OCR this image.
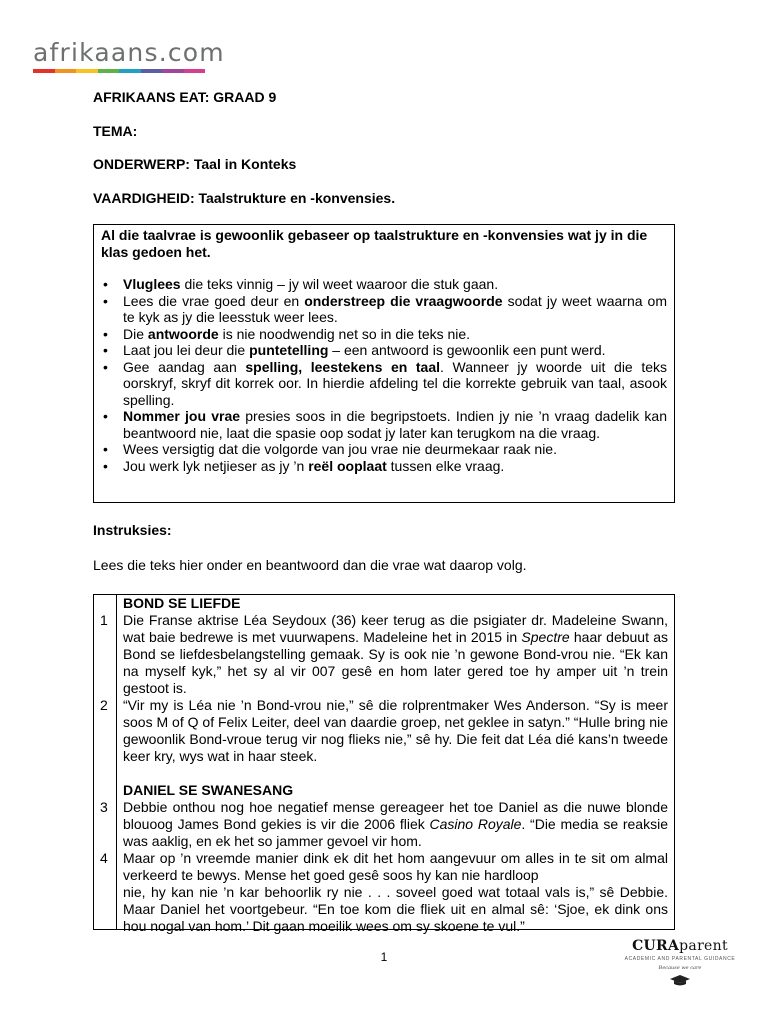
afrikaans.com
AFRIKAANS EAT: GRAAD 9
TEMA:
ONDERWERP: Taal in Konteks
VAARDIGHEID: Taalstrukture en -konvensies.
Al die taalvrae is gewoonlik gebaseer op taalstrukture en -konvensies wat jy in die klas gedoen het.
• Vluglees die teks vinnig – jy wil weet waaroor die stuk gaan.
• Lees die vrae goed deur en onderstreep die vraagwoorde sodat jy weet waarna om te kyk as jy die leesstuk weer lees.
• Die antwoorde is nie noodwendig net so in die teks nie.
• Laat jou lei deur die puntetelling – een antwoord is gewoonlik een punt werd.
• Gee aandag aan spelling, leestekens en taal. Wanneer jy woorde uit die teks oorskryf, skryf dit korrek oor. In hierdie afdeling tel die korrekte gebruik van taal, asook spelling.
• Nommer jou vrae presies soos in die begripstoets. Indien jy nie ’n vraag dadelik kan beantwoord nie, laat die spasie oop sodat jy later kan terugkom na die vraag.
• Wees versigtig dat die volgorde van jou vrae nie deurmekaar raak nie.
• Jou werk lyk netjieser as jy ’n reël ooplaat tussen elke vraag.
Instruksies:
Lees die teks hier onder en beantwoord dan die vrae wat daarop volg.
1
2
3
4
BOND SE LIEFDE

Die Franse aktrise Léa Seydoux (36) keer terug as die psigiater dr. Madeleine Swann, wat baie bedrewe is met vuurwapens. Madeleine het in 2015 in Spectre haar debuut as Bond se liefdesbelangstelling gemaak. Sy is ook nie ’n gewone Bond-vrou nie. “Ek kan na myself kyk,” het sy al vir 007 gesê en hom later gered toe hy amper uit ’n trein gestoot is.

“Vir my is Léa nie ’n Bond-vrou nie,” sê die rolprentmaker Wes Anderson. “Sy is meer soos M of Q of Felix Leiter, deel van daardie groep, net geklee in satyn.” “Hulle bring nie gewoonlik Bond-vroue terug vir nog flieks nie,” sê hy. Die feit dat Léa dié kans’n tweede keer kry, wys wat in haar steek.

DANIEL SE SWANESANG

Debbie onthou nog hoe negatief mense gereageer het toe Daniel as die nuwe blonde blouoog James Bond gekies is vir die 2006 fliek Casino Royale. “Die media se reaksie was aaklig, en ek het so jammer gevoel vir hom.

Maar op ’n vreemde manier dink ek dit het hom aangevuur om alles in te sit om almal verkeerd te bewys. Mense het goed gesê soos hy kan nie hardloop
nie, hy kan nie ’n kar behoorlik ry nie . . . soveel goed wat totaal vals is,” sê Debbie. Maar Daniel het voortgebeur. “En toe kom die fliek uit en almal sê: ‘Sjoe, ek dink ons hou nogal van hom.’ Dit gaan moeilik wees om sy skoene te vul.”

1
CURAparent
ACADEMIC AND PARENTAL GUIDANCE
Because we care
